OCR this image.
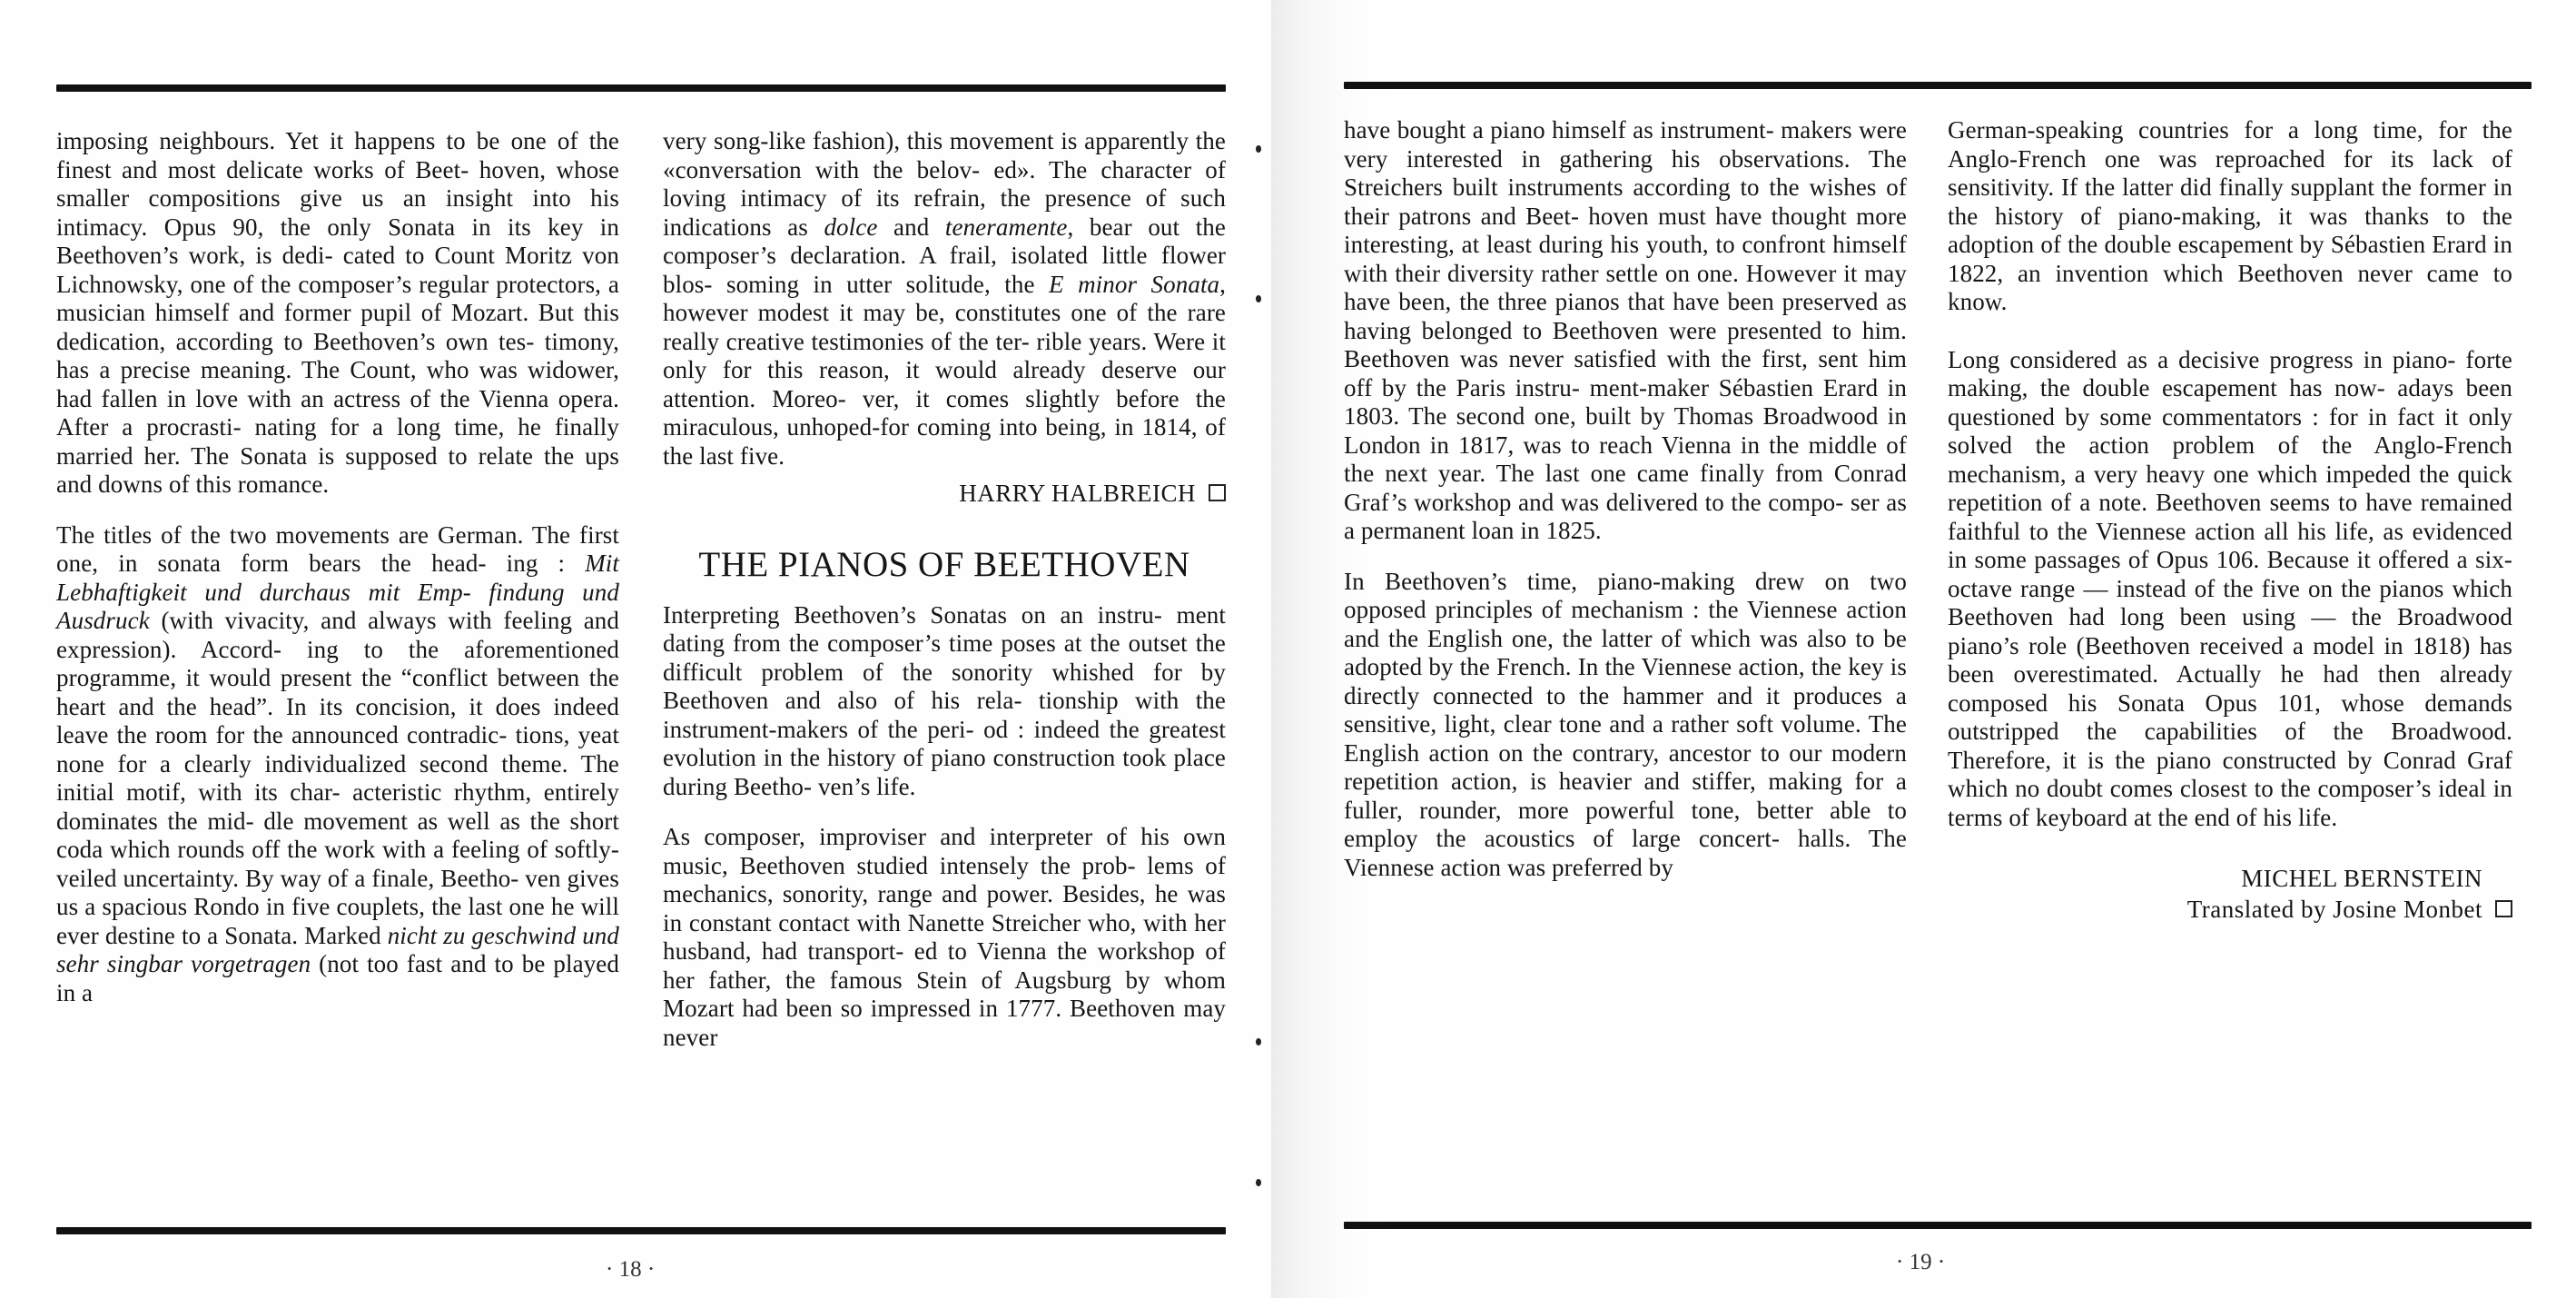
imposing neighbours. Yet it happens to be one of the finest and most delicate works of Beet- hoven, whose smaller compositions give us an insight into his intimacy. Opus 90, the only Sonata in its key in Beethoven’s work, is dedi- cated to Count Moritz von Lichnowsky, one of the composer’s regular protectors, a musician himself and former pupil of Mozart. But this dedication, according to Beethoven’s own tes- timony, has a precise meaning. The Count, who was widower, had fallen in love with an actress of the Vienna opera. After a procrasti- nating for a long time, he finally married her. The Sonata is supposed to relate the ups and downs of this romance.

The titles of the two movements are German. The first one, in sonata form bears the head- ing : Mit Lebhaftigkeit und durchaus mit Emp- findung und Ausdruck (with vivacity, and always with feeling and expression). Accord- ing to the aforementioned programme, it would present the “conflict between the heart and the head”. In its concision, it does indeed leave the room for the announced contradic- tions, yeat none for a clearly individualized second theme. The initial motif, with its char- acteristic rhythm, entirely dominates the mid- dle movement as well as the short coda which rounds off the work with a feeling of softly- veiled uncertainty. By way of a finale, Beetho- ven gives us a spacious Rondo in five couplets, the last one he will ever destine to a Sonata. Marked nicht zu geschwind und sehr singbar vorgetragen (not too fast and to be played in a

very song-like fashion), this movement is apparently the «conversation with the belov- ed». The character of loving intimacy of its refrain, the presence of such indications as dolce and teneramente, bear out the composer’s declaration. A frail, isolated little flower blos- soming in utter solitude, the E minor Sonata, however modest it may be, constitutes one of the rare really creative testimonies of the ter- rible years. Were it only for this reason, it would already deserve our attention. Moreo- ver, it comes slightly before the miraculous, unhoped-for coming into being, in 1814, of the last five.

HARRY HALBREICH
THE PIANOS OF BEETHOVEN

Interpreting Beethoven’s Sonatas on an instru- ment dating from the composer’s time poses at the outset the difficult problem of the sonority whished for by Beethoven and also of his rela- tionship with the instrument-makers of the peri- od : indeed the greatest evolution in the history of piano construction took place during Beetho- ven’s life.

As composer, improviser and interpreter of his own music, Beethoven studied intensely the prob- lems of mechanics, sonority, range and power. Besides, he was in constant contact with Nanette Streicher who, with her husband, had transport- ed to Vienna the workshop of her father, the famous Stein of Augsburg by whom Mozart had been so impressed in 1777. Beethoven may never

· 18 ·	· 19 ·

have bought a piano himself as instrument- makers were very interested in gathering his observations. The Streichers built instruments according to the wishes of their patrons and Beet- hoven must have thought more interesting, at least during his youth, to confront himself with their diversity rather settle on one. However it may have been, the three pianos that have been preserved as having belonged to Beethoven were presented to him. Beethoven was never satisfied with the first, sent him off by the Paris instru- ment-maker Sébastien Erard in 1803. The second one, built by Thomas Broadwood in London in 1817, was to reach Vienna in the middle of the next year. The last one came finally from Conrad Graf’s workshop and was delivered to the compo- ser as a permanent loan in 1825.

In Beethoven’s time, piano-making drew on two opposed principles of mechanism : the Viennese action and the English one, the latter of which was also to be adopted by the French. In the Viennese action, the key is directly connected to the hammer and it produces a sensitive, light, clear tone and a rather soft volume. The English action on the contrary, ancestor to our modern repetition action, is heavier and stiffer, making for a fuller, rounder, more powerful tone, better able to employ the acoustics of large concert- halls. The Viennese action was preferred by

German-speaking countries for a long time, for the Anglo-French one was reproached for its lack of sensitivity. If the latter did finally supplant the former in the history of piano-making, it was thanks to the adoption of the double escapement by Sébastien Erard in 1822, an invention which Beethoven never came to know.

Long considered as a decisive progress in piano- forte making, the double escapement has now- adays been questioned by some commentators : for in fact it only solved the action problem of the Anglo-French mechanism, a very heavy one which impeded the quick repetition of a note. Beethoven seems to have remained faithful to the Viennese action all his life, as evidenced in some passages of Opus 106. Because it offered a six- octave range — instead of the five on the pianos which Beethoven had long been using — the Broadwood piano’s role (Beethoven received a model in 1818) has been overestimated. Actually he had then already composed his Sonata Opus 101, whose demands outstripped the capabilities of the Broadwood. Therefore, it is the piano constructed by Conrad Graf which no doubt comes closest to the composer’s ideal in terms of keyboard at the end of his life.

MICHEL BERNSTEIN
Translated by Josine Monbet
